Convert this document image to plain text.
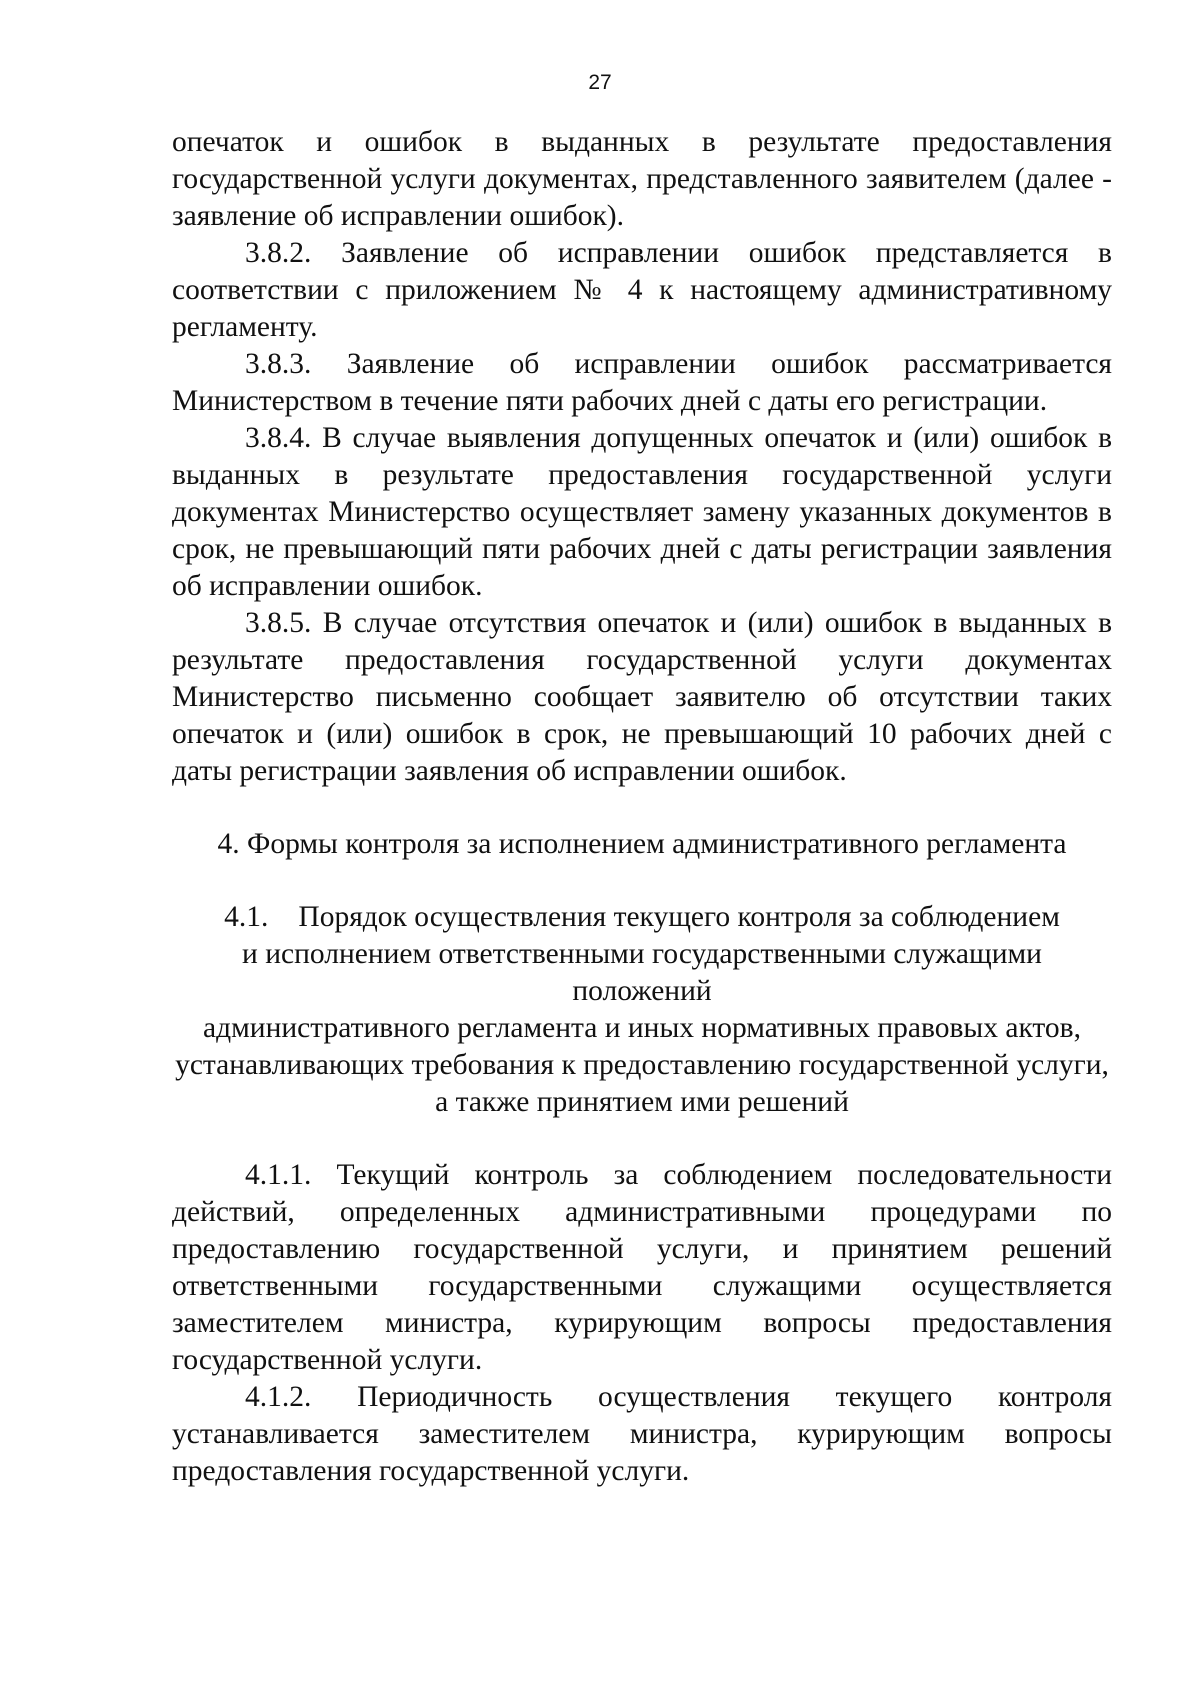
27

опечаток и ошибок в выданных в результате предоставления государственной услуги документах, представленного заявителем (далее - заявление об исправлении ошибок).

3.8.2. Заявление об исправлении ошибок представляется в соответствии с приложением № 4 к настоящему административному регламенту.

3.8.3. Заявление об исправлении ошибок рассматривается Министерством в течение пяти рабочих дней с даты его регистрации.

3.8.4. В случае выявления допущенных опечаток и (или) ошибок в выданных в результате предоставления государственной услуги документах Министерство осуществляет замену указанных документов в срок, не превышающий пяти рабочих дней с даты регистрации заявления об исправлении ошибок.

3.8.5. В случае отсутствия опечаток и (или) ошибок в выданных в результате предоставления государственной услуги документах Министерство письменно сообщает заявителю об отсутствии таких опечаток и (или) ошибок в срок, не превышающий 10 рабочих дней с даты регистрации заявления об исправлении ошибок.

4. Формы контроля за исполнением административного регламента
4.1. Порядок осуществления текущего контроля за соблюдением
и исполнением ответственными государственными служащими положений
административного регламента и иных нормативных правовых актов,
устанавливающих требования к предоставлению государственной услуги,
а также принятием ими решений

4.1.1. Текущий контроль за соблюдением последовательности действий, определенных административными процедурами по предоставлению государственной услуги, и принятием решений ответственными государственными служащими осуществляется заместителем министра, курирующим вопросы предоставления государственной услуги.

4.1.2. Периодичность осуществления текущего контроля устанавливается заместителем министра, курирующим вопросы предоставления государственной услуги.
